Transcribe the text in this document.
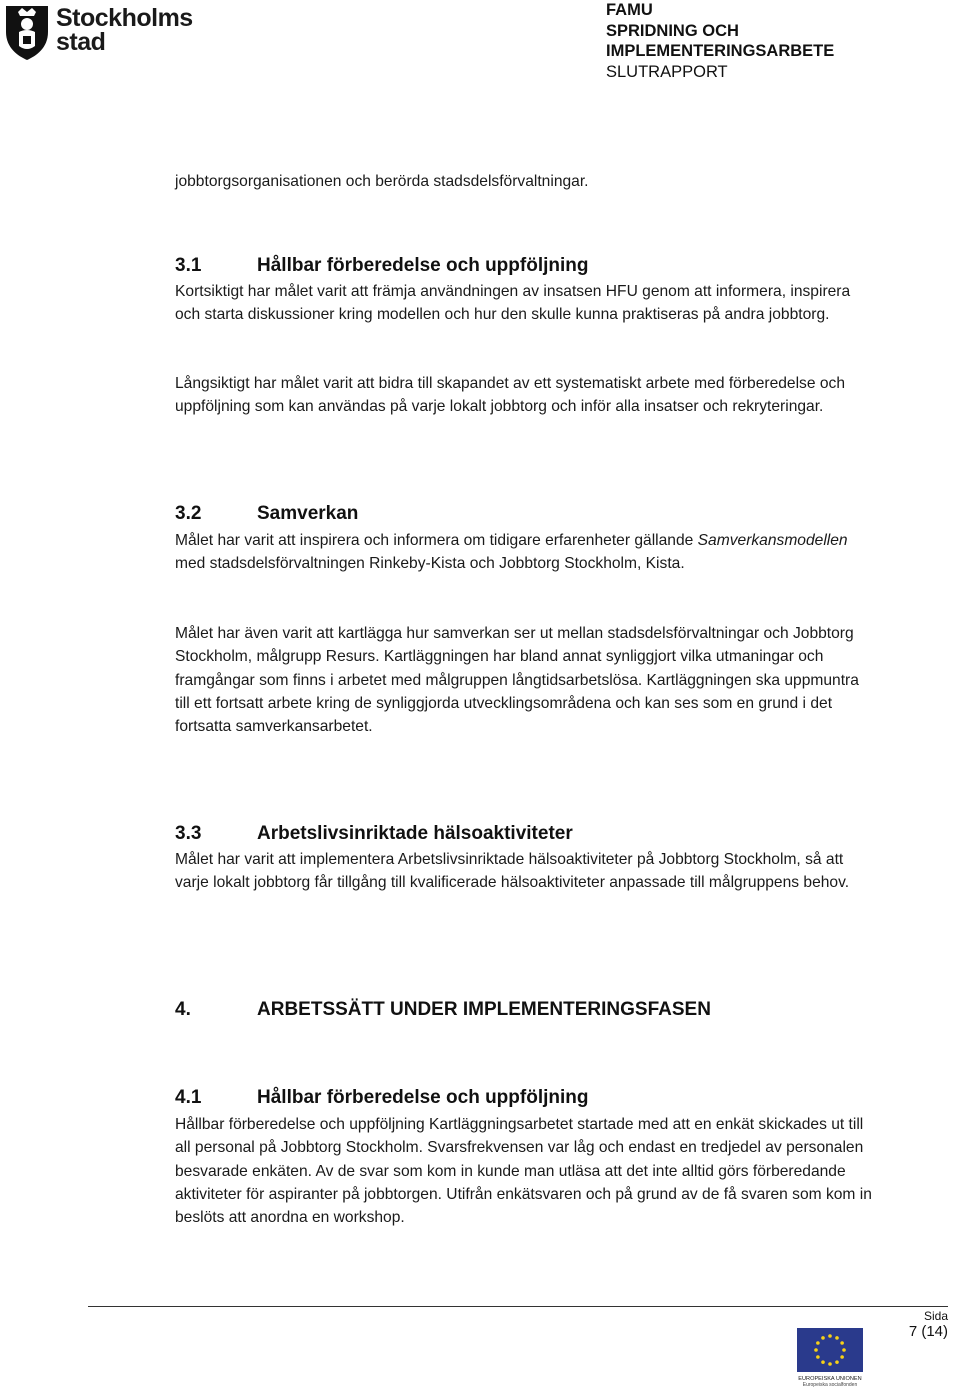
Stockholms
stad
FAMU
SPRIDNING OCH
IMPLEMENTERINGSARBETE
SLUTRAPPORT
jobbtorgsorganisationen och berörda stadsdelsförvaltningar.
3.1	Hållbar förberedelse och uppföljning
Kortsiktigt har målet varit att främja användningen av insatsen HFU genom att informera, inspirera och starta diskussioner kring modellen och hur den skulle kunna praktiseras på andra jobbtorg.
Långsiktigt har målet varit att bidra till skapandet av ett systematiskt arbete med förberedelse och uppföljning som kan användas på varje lokalt jobbtorg och inför alla insatser och rekryteringar.
3.2	Samverkan
Målet har varit att inspirera och informera om tidigare erfarenheter gällande Samverkansmodellen med stadsdelsförvaltningen Rinkeby-Kista och Jobbtorg Stockholm, Kista.
Målet har även varit att kartlägga hur samverkan ser ut mellan stadsdelsförvaltningar och Jobbtorg Stockholm, målgrupp Resurs. Kartläggningen har bland annat synliggjort vilka utmaningar och framgångar som finns i arbetet med målgruppen långtidsarbetslösa. Kartläggningen ska uppmuntra till ett fortsatt arbete kring de synliggjorda utvecklingsområdena och kan ses som en grund i det fortsatta samverkansarbetet.
3.3	Arbetslivsinriktade hälsoaktiviteter
Målet har varit att implementera Arbetslivsinriktade hälsoaktiviteter på Jobbtorg Stockholm, så att varje lokalt jobbtorg får tillgång till kvalificerade hälsoaktiviteter anpassade till målgruppens behov.
4.	ARBETSSÄTT UNDER IMPLEMENTERINGSFASEN
4.1	Hållbar förberedelse och uppföljning
Hållbar förberedelse och uppföljning Kartläggningsarbetet startade med att en enkät skickades ut till all personal på Jobbtorg Stockholm. Svarsfrekvensen var låg och endast en tredjedel av personalen besvarade enkäten. Av de svar som kom in kunde man utläsa att det inte alltid görs förberedande aktiviteter för aspiranter på jobbtorgen. Utifrån enkätsvaren och på grund av de få svaren som kom in beslöts att anordna en workshop.
Sida
7 (14)
EUROPEISKA UNIONEN
Europeiska socialfonden
